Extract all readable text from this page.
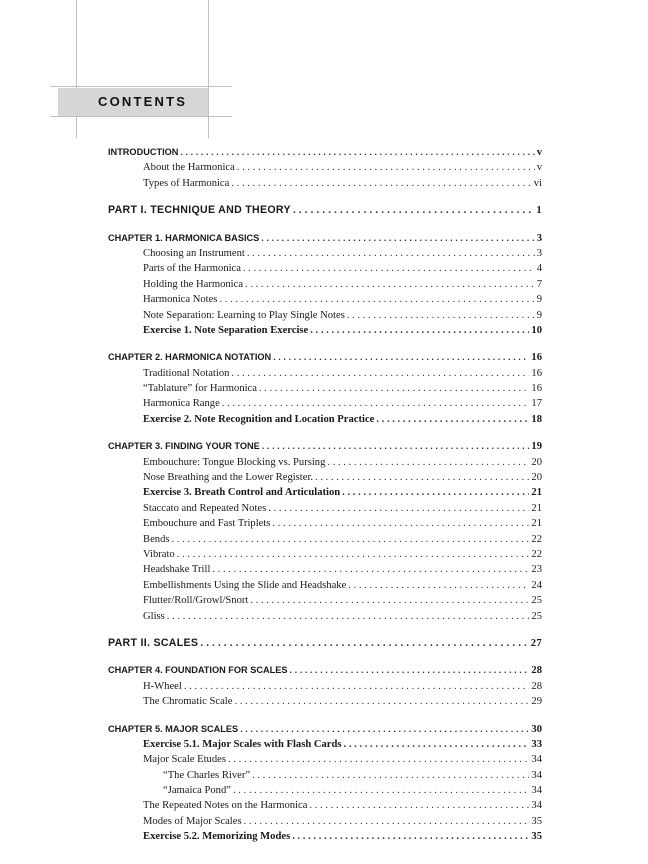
CONTENTS
INTRODUCTION . . .	v
About the Harmonica . . .	v
Types of Harmonica . . .	vi
PART I. TECHNIQUE AND THEORY . . .	1
CHAPTER 1. HARMONICA BASICS . . .	3
Choosing an Instrument . . .	3
Parts of the Harmonica . . .	4
Holding the Harmonica . . .	7
Harmonica Notes . . .	9
Note Separation: Learning to Play Single Notes . . .	9
Exercise 1. Note Separation Exercise . . .	10
CHAPTER 2. HARMONICA NOTATION . . .	16
Traditional Notation . . .	16
“Tablature” for Harmonica . . .	16
Harmonica Range . . .	17
Exercise 2. Note Recognition and Location Practice . . .	18
CHAPTER 3. FINDING YOUR TONE . . .	19
Embouchure: Tongue Blocking vs. Pursing . . .	20
Nose Breathing and the Lower Register. . . .	20
Exercise 3. Breath Control and Articulation . . .	21
Staccato and Repeated Notes . . .	21
Embouchure and Fast Triplets . . .	21
Bends . . .	22
Vibrato . . .	22
Headshake Trill . . .	23
Embellishments Using the Slide and Headshake . . .	24
Flutter/Roll/Growl/Snort . . .	25
Gliss . . .	25
PART II. SCALES . . .	27
CHAPTER 4. FOUNDATION FOR SCALES . . .	28
H-Wheel . . .	28
The Chromatic Scale . . .	29
CHAPTER 5. MAJOR SCALES . . .	30
Exercise 5.1. Major Scales with Flash Cards . . .	33
Major Scale Etudes . . .	34
“The Charles River” . . .	34
“Jamaica Pond” . . .	34
The Repeated Notes on the Harmonica . . .	34
Modes of Major Scales . . .	35
Exercise 5.2. Memorizing Modes . . .	35
